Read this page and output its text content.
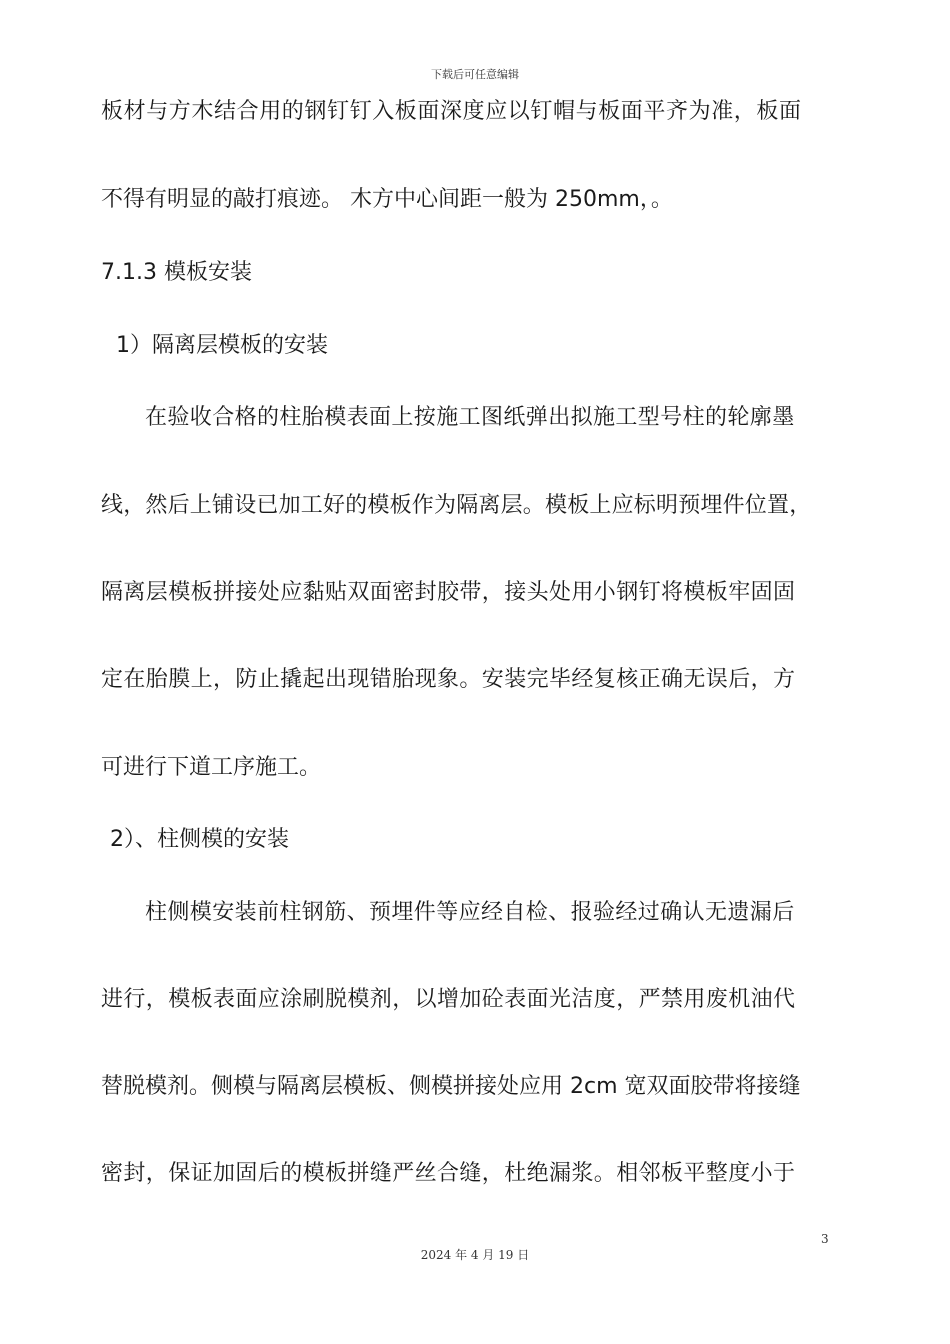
下载后可任意编辑
板材与方木结合用的钢钉钉入板面深度应以钉帽与板面平齐为准，板面
不得有明显的敲打痕迹。 木方中心间距一般为 250mm，。
7.1.3 模板安装
1）隔离层模板的安装
在验收合格的柱胎模表面上按施工图纸弹出拟施工型号柱的轮廓墨
线，然后上铺设已加工好的模板作为隔离层。模板上应标明预埋件位置，
隔离层模板拼接处应黏贴双面密封胶带，接头处用小钢钉将模板牢固固
定在胎膜上，防止撬起出现错胎现象。安装完毕经复核正确无误后，方
可进行下道工序施工。
2）、柱侧模的安装
柱侧模安装前柱钢筋、预埋件等应经自检、报验经过确认无遗漏后
进行，模板表面应涂刷脱模剂，以增加砼表面光洁度，严禁用废机油代
替脱模剂。侧模与隔离层模板、侧模拼接处应用 2cm 宽双面胶带将接缝
密封，保证加固后的模板拼缝严丝合缝，杜绝漏浆。相邻板平整度小于
3
2024 年 4 月 19 日
